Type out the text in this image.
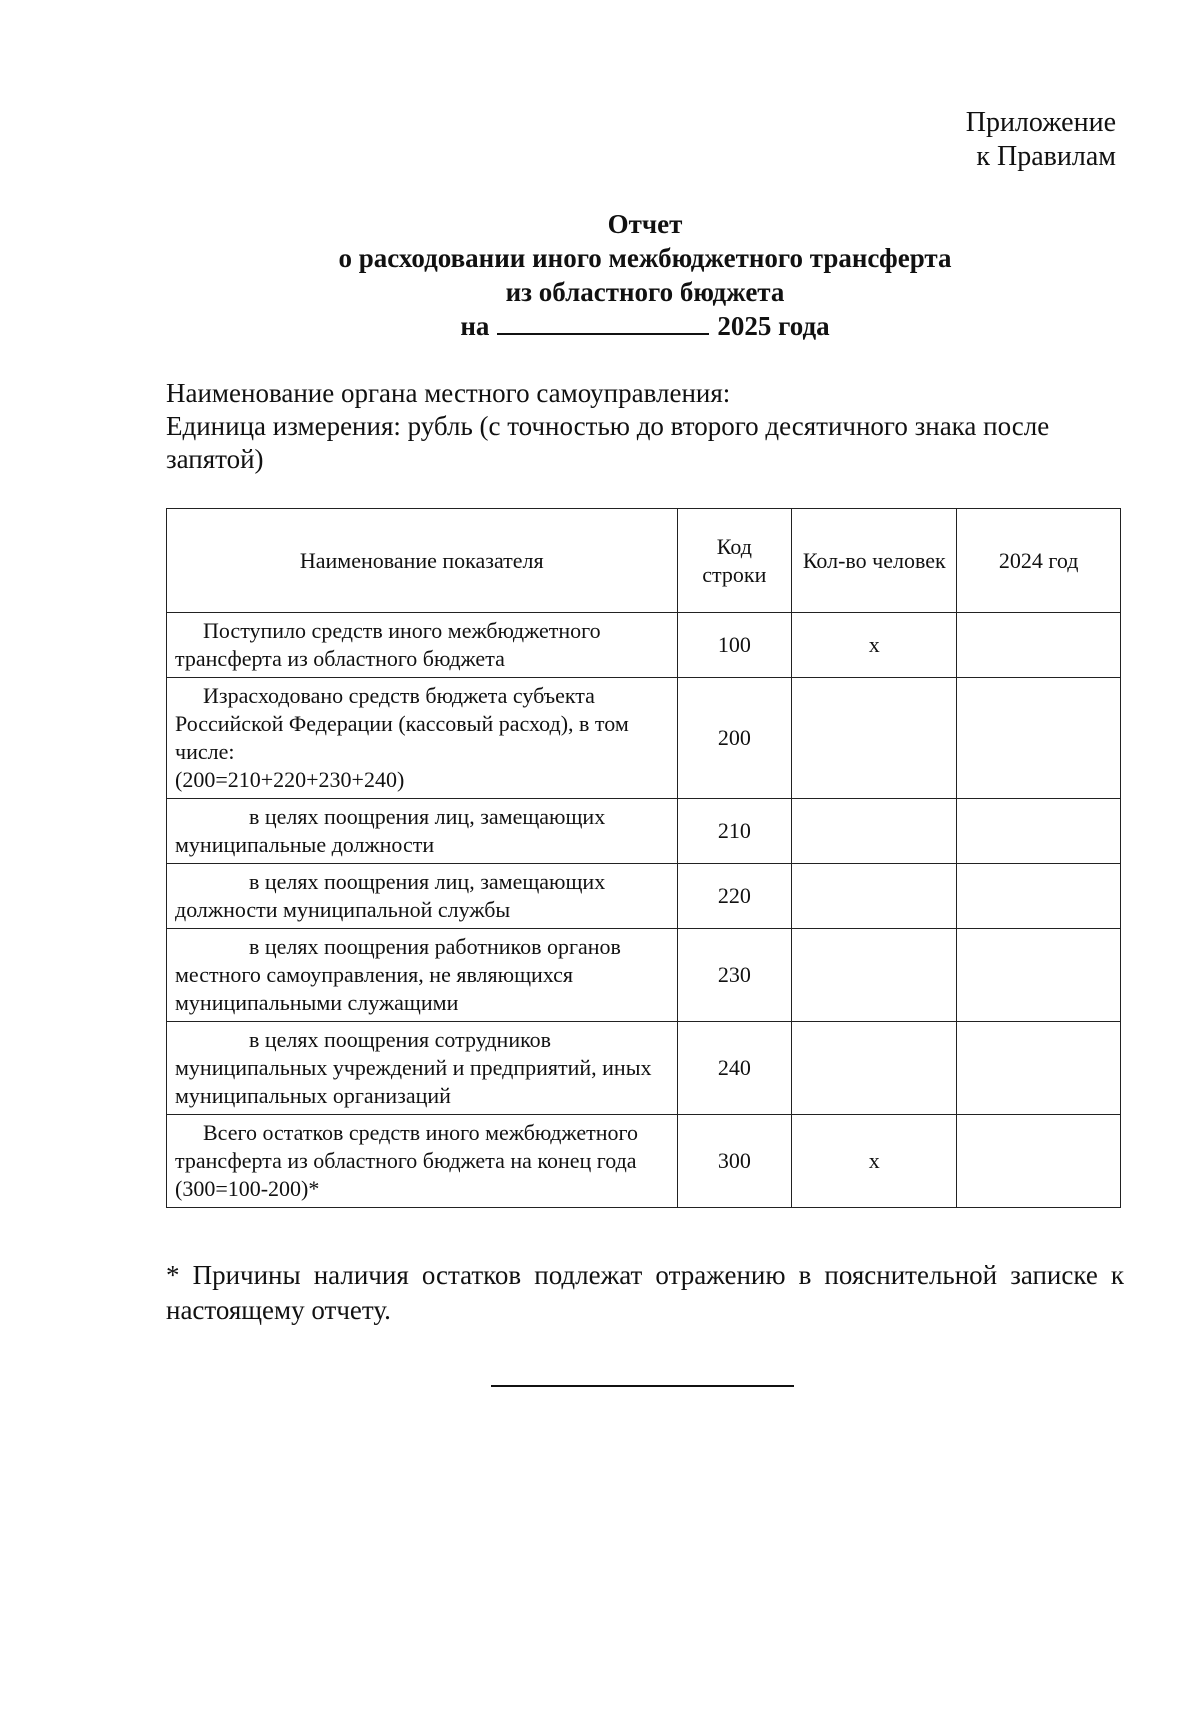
Приложение
к Правилам
Отчет
о расходовании иного межбюджетного трансферта
из областного бюджета
на	2025 года
Наименование органа местного самоуправления:
Единица измерения: рубль (с точностью до второго десятичного знака после запятой)
Наименование показателя	Код строки	Кол-во человек	2024 год
Поступило средств иного межбюджетного трансферта из областного бюджета	100	x	

Израсходовано средств бюджета субъекта Российской Федерации (кассовый расход), в том числе:
(200=210+220+230+240)	200		
в целях поощрения лиц, замещающих муниципальные должности	210		
в целях поощрения лиц, замещающих должности муниципальной службы	220		
в целях поощрения работников органов местного самоуправления, не являющихся муниципальными служащими	230		
в целях поощрения сотрудников муниципальных учреждений и предприятий, иных муниципальных организаций	240		
Всего остатков средств иного межбюджетного трансферта из областного бюджета на конец года (300=100-200)*	300	x	
* Причины наличия остатков подлежат отражению в пояснительной записке к настоящему отчету.
